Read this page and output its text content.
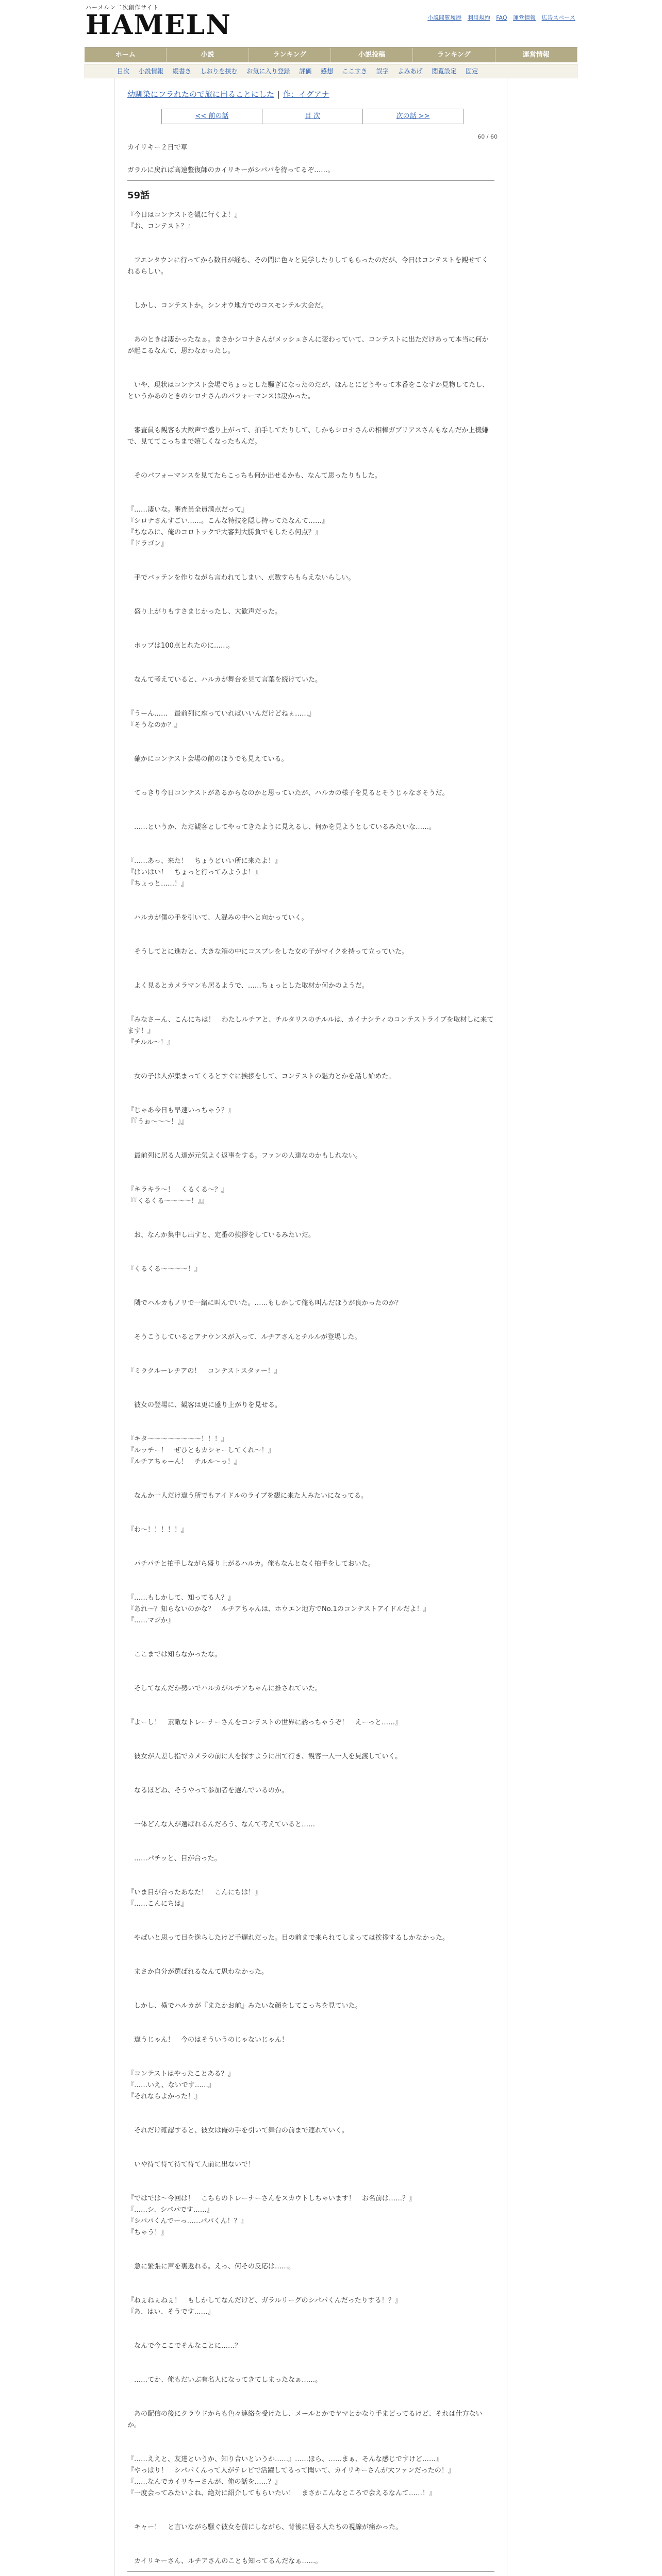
ハーメルン二次創作サイト
HAMELN	小説閲覧履歴 利用規約 FAQ 運営情報 広告スペース
ホーム	小説	ランキング	小説投稿	ランキング	運営情報
目次 小説情報 縦書き しおりを挟む お気に入り登録 評価 感想 ここすき 誤字 よみあげ 閲覧設定 固定
幼馴染にフラれたので旅に出ることにした | 作：イグアナ
<< 前の話	目 次	次の話 >>
60 / 60

カイリキー２日で草

ガラルに戻れば高速整復師のカイリキーがシパパを待ってるぞ……。

59話

『今日はコンテストを観に行くよ！』
『お、コンテスト？』

　フエンタウンに行ってから数日が経ち、その間に色々と見学したりしてもらったのだが、今日はコンテストを観せてくれるらしい。

　しかし、コンテストか。シンオウ地方でのコスモンテル大会だ。

　あのときは凄かったなぁ。まさかシロナさんがメッシュさんに変わっていて、コンテストに出ただけあって本当に何かが起こるなんて、思わなかったし。

　いや、現状はコンテスト会場でちょっとした騒ぎになったのだが、ほんとにどうやって本番をこなすか見物してたし、というかあのときのシロナさんのパフォーマンスは凄かった。

　審査員も観客も大歓声で盛り上がって、拍手してたりして、しかもシロナさんの相棒ガブリアスさんもなんだか上機嫌で、見ててこっちまで嬉しくなったもんだ。

　そのパフォーマンスを見てたらこっちも何か出せるかも、なんて思ったりもした。

『……凄いな。審査員全員満点だって』
『シロナさんすごい……。こんな特技を隠し持ってたなんて……』
『ちなみに、俺のコロトックで大審判大勝負でもしたら何点？』
『ドラゴン』

　手でバッテンを作りながら言われてしまい、点数すらもらえないらしい。

　盛り上がりもすさまじかったし、大歓声だった。

　ホップは100点とれたのに……。

　なんて考えていると、ハルカが舞台を見て言葉を続けていた。

『うーん……　最前列に座っていればいいんだけどねぇ……』
『そうなのか？』

　確かにコンテスト会場の前のほうでも見えている。

　てっきり今日コンテストがあるからなのかと思っていたが、ハルカの様子を見るとそうじゃなさそうだ。

　……というか、ただ観客としてやってきたように見えるし、何かを見ようとしているみたいな……。

『……あっ、来た！　ちょうどいい所に来たよ！』
『はいはい！　ちょっと行ってみようよ！』
『ちょっと……！』

　ハルカが僕の手を引いて、人混みの中へと向かっていく。

　そうしてとに進むと、大きな箱の中にコスプレをした女の子がマイクを持って立っていた。

　よく見るとカメラマンも居るようで、……ちょっとした取材か何かのようだ。

『みなさーん、こんにちは！　わたしルチアと、チルタリスのチルルは、カイナシティのコンテストライブを取材しに来てます！』
『チルル～！』

　女の子は人が集まってくるとすぐに挨拶をして、コンテストの魅力とかを話し始めた。

『じゃあ今日も早速いっちゃう？』
『『うぉ～～～！』』

　最前列に居る人達が元気よく返事をする。ファンの人達なのかもしれない。

『キラキラ～！　くるくる～？』
『『くるくる～～～～！』』

　お、なんか集中し出すと、定番の挨拶をしているみたいだ。

『くるくる～～～～！』

　隣でハルカもノリで一緒に叫んでいた。……もしかして俺も叫んだほうが良かったのか？

　そうこうしているとアナウンスが入って、ルチアさんとチルルが登場した。

『ミラクルーレチアの！　コンテストスタァー！』

　彼女の登場に、観客は更に盛り上がりを見せる。

『キタ～～～～～～～～！！！』
『ルッチー！　ぜひともカシャーしてくれ～！』
『ルチアちゃーん！　チルル～っ！』

　なんか一人だけ違う所でもアイドルのライブを観に来た人みたいになってる。

『わ～！！！！！』

　パチパチと拍手しながら盛り上がるハルカ。俺もなんとなく拍手をしておいた。

『……もしかして、知ってる人？』
『あれ～？知らないのかな？　ルチアちゃんは、ホウエン地方でNo.1のコンテストアイドルだよ！』
『……マジか』

　ここまでは知らなかったな。

　そしてなんだか勢いでハルカがルチアちゃんに推されていた。

『よーし！　素敵なトレーナーさんをコンテストの世界に誘っちゃうぞ！　えーっと……』

　彼女が人差し指でカメラの前に人を探すように出て行き、観客一人一人を見渡していく。

　なるほどね、そうやって参加者を選んでいるのか。

　一体どんな人が選ばれるんだろう、なんて考えていると……

　……パチッと、目が合った。

『いま目が合ったあなた！　こんにちは！』
『……こんにちは』

　やばいと思って目を逸らしたけど手遅れだった。目の前まで来られてしまっては挨拶するしかなかった。

　まさか自分が選ばれるなんて思わなかった。

　しかし、横でハルカが『またかお前』みたいな顔をしてこっちを見ていた。

　違うじゃん！　今のはそういうのじゃないじゃん！

『コンテストはやったことある？』
『……いえ、ないです……』
『それならよかった！』

　それだけ確認すると、彼女は俺の手を引いて舞台の前まで連れていく。

　いや待て待て待て待て人前に出ないで！

『ではでは～今回は！　こちらのトレーナーさんをスカウトしちゃいます！　お名前は……？』
『……シ、シパパです……』
『シパパくんでーっ……パパくん！？』
『ちゃう！』

　急に緊張に声を裏返れる。えっ、何その反応は……。

『ねぇねぇねぇ！　もしかしてなんだけど、ガラルリーグのシパパくんだったりする！？』
『あ、はい、そうです……』

　なんで今ここでそんなことに……？

　……てか、俺もだいぶ有名人になってきてしまったなぁ……。

　あの配信の後にクラウドからも色々連絡を受けたし、メールとかでヤマとかなり手まどってるけど、それは仕方ないか。

『……ええと、友達というか、知り合いというか……』……ほら、……まぁ、そんな感じですけど……』
『やっぱり！　シパパくんって人がテレビで活躍してるって聞いて、カイリキーさんが大ファンだったの！』
『……なんでカイリキーさんが、俺の話を……？』
『一度会ってみたいよね、絶対に紹介してもらいたい！　まさかこんなところで会えるなんて……！』

　キャー！　と言いながら騒ぐ彼女を前にしながら、背後に居る人たちの視線が痛かった。

　カイリキーさん、ルチアさんのことも知ってるんだなぁ……。
